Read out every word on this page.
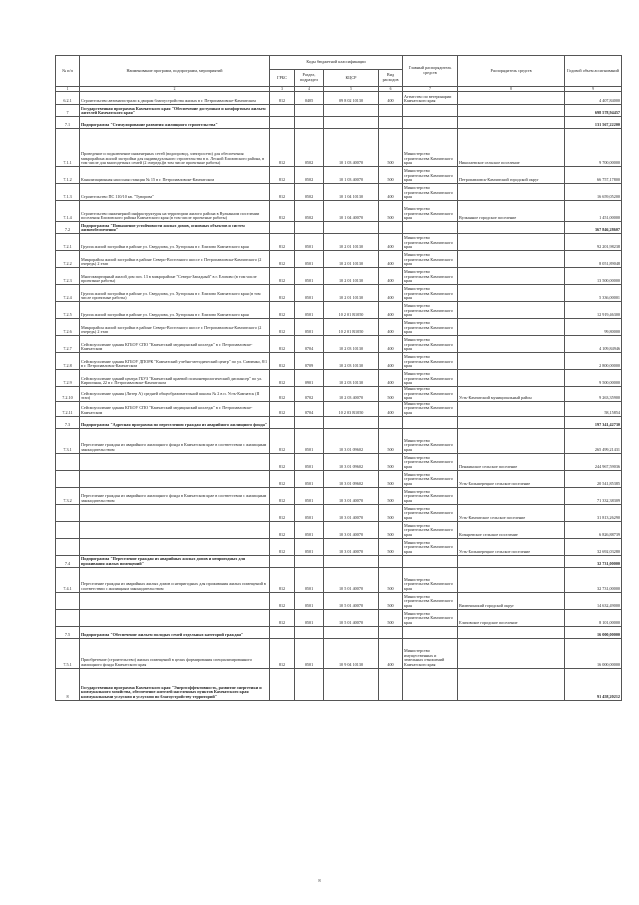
№ п/п	Наименование программ, подпрограмм, мероприятий	Коды бюджетной классификации				Главный распорядитель средств	Распорядитель средств	Годовой объем ассигнований
		ГРБС	Раздел, подраздел	КЦСР	Вид расходов			
1	2	3	4	5	6	7	8	9
6.2.1	Строительство автомагистрали к дворам благоустройства жилых в г. Петропавловске-Камчатском	812	0405	09 8 02 10130	400	Агентство по ветеринарии Камчатского края		4 407,84000
7	Государственная программа Камчатского края "Обеспечение доступным и комфортным жильем жителей Камчатского края"							698 578,94457
7.1	Подпрограмма "Стимулирование развития жилищного строительства"							131 567,22200
7.1.1	Проведение и подключение инженерных сетей (водопровод, электросети) для обеспечения микрорайона жилой застройки для индивидуального строительства в п. Лесной Елизовского района, в том числе для многодетных семей (2 очередь)(в том числе проектные работы)	812	0502	10 1 03 40070	500	Министерство строительства Камчатского края	Николаевское сельское поселение	9 700,00000
7.1.2	Канализационная насосная станция № 15 в г. Петропавловске-Камчатском	812	0502	10 1 03 40070	500	Министерство строительства Камчатского края	Петропавловск-Камчатский городской округ	66 757,17800
7.1.3	Строительство ПС 110/10 кв. "Туворова"	812	0502	10 1 04 10130	400	Министерство строительства Камчатского края		16 659,05200
7.1.4	Строительство инженерной инфраструктуры на территории жилого района в Вулканном поселении поселения Елизовского района Камчатского края (в том числе проектные работы)	812	0502	10 1 04 40070	500	Министерство строительства Камчатского края	Вулканное городское поселение	1 451,00000
7.2	Подпрограмма "Повышение устойчивости жилых домов, основных объектов и систем жизнеобеспечения"							367 846,28607
7.2.1	Группа жилой застройки в районе ул. Свердлова, ул. Хуторская в г. Елизово Камчатского края	812	0501	10 2 01 10130	400	Министерство строительства Камчатского края		92 201,98238
7.2.2	Микрорайон жилой застройки в районе Северо-Восточного шоссе г. Петропавловска-Камчатского (2 очередь) 2 этап	812	0501	10 2 01 10130	400	Министерство строительства Камчатского края		8 051,89048
7.2.3	Многоквартирный жилой дом поз. 13 в микрорайоне "Северо-Западный" в г. Елизово (в том числе проектные работы)	812	0501	10 2 01 10130	400	Министерство строительства Камчатского края		13 500,00000
7.2.4	Группа жилой застройки в районе ул. Свердлова, ул. Хуторская в г. Елизово Камчатского края (в том числе проектные работы)	812	0501	10 2 01 10130	400	Министерство строительства Камчатского края		5 336,00001
7.2.5	Группа жилой застройки в районе ул. Свердлова, ул. Хуторская в г. Елизово Камчатского края	812	0501	10 2 01 R1050	400	Министерство строительства Камчатского края		12 919,46300
7.2.6	Микрорайон жилой застройки в районе Северо-Восточного шоссе г. Петропавловска-Камчатского (2 очередь) 2 этап	812	0501	10 2 01 R1050	400	Министерство строительства Камчатского края		99,80000
7.2.7	Сейсмоусиление здания КГБОУ СПО "Камчатский медицинский колледж" в г. Петропавловске-Камчатском	812	0704	10 2 03 10130	400	Министерство строительства Камчатского края		4 109,84946
7.2.8	Сейсмоусиление здания КГБОУ ДПОРК "Камчатский учебно-методический центр" по ул. Савченко, 8/1 в г. Петропавловск-Камчатском	812	0709	10 2 03 10130	400	Министерство строительства Камчатского края		2 800,00000
7.2.9	Сейсмоусиление зданий центра ГБУЗ "Камчатский краевой психоневрологический диспансер" по ул. Кирпичная, 22 в г. Петропавловске-Камчатском	812	0901	10 2 03 10130	400	Министерство строительства Камчатского края		9 500,00000
7.2.10	Сейсмоусиление здания (Литер А) средней общеобразовательной школы № 2 в п. Усть-Камчатск (II этап)	812	0702	10 2 03 40070	500	Министерство строительства Камчатского края	Усть-Камчатский муниципальный район	9 263,35900
7.2.11	Сейсмоусиление здания КГБОУ СПО "Камчатский медицинский колледж" в г. Петропавловске-Камчатском	812	0704	10 2 03 R1050	400	Министерство строительства Камчатского края		58,15854
7.3	Подпрограмма "Адресная программа по переселению граждан из аварийного жилищного фонда"							197 341,42730
7.3.1	Переселение граждан из аварийного жилищного фонда в Камчатском крае в соответствии с жилищным законодательством	812	0501	10 3 01 09602	500	Министерство строительства Камчатского края		265 499,21431
		812	0501	10 3 01 09602	500	Министерство строительства Камчатского края	Пенжинское сельское поселение	244 967,59036
		812	0501	10 3 01 09602	500	Министерство строительства Камчатского края	Усть-Большерецкое сельское поселение	20 541,85385
7.3.2	Переселение граждан из аварийного жилищного фонда в Камчатском крае в соответствии с жилищным законодательством	812	0501	10 3 01 40070	500	Министерство строительства Камчатского края		71 332,38309
		812	0501	10 3 01 40070	500	Министерство строительства Камчатского края	Усть-Камчатское сельское поселение	31 813,26290
		812	0501	10 3 01 40070	500	Министерство строительства Камчатского края	Козыревское сельское поселение	6 826,88739
		812	0501	10 3 01 40070	500	Министерство строительства Камчатского края	Усть-Большерецкое сельское поселение	32 692,03280
7.4	Подпрограмма "Переселение граждан из аварийных жилых домов и непригодных для проживания жилых помещений"							32 731,00000
7.4.1	Переселение граждан из аварийных жилых домов и непригодных для проживания жилых помещений в соответствии с жилищным законодательством	812	0501	10 5 01 40070	500	Министерство строительства Камчатского края		32 731,00000
		812	0501	10 5 01 40070	500	Министерство строительства Камчатского края	Вилючинский городской округ	14 632,49000
		812	0501	10 5 01 40070	500	Министерство строительства Камчатского края	Елизовское городское поселение	8 101,00000
7.5	Подпрограмма "Обеспечение жильем молодых семей отдельных категорий граждан"							16 000,00000
7.5.1	Приобретение (строительство) жилых помещений в целях формирования специализированного жилищного фонда Камчатского края	812	0501	10 9 04 10130	400	Министерство имущественных и земельных отношений Камчатского края		16 000,00000
8	Государственная программа Камчатского края "Энергоэффективность, развитие энергетики и коммунального хозяйства, обеспечение жителей населенных пунктов Камчатского края коммунальными услугами и услугами по благоустройству территорий"							91 458,20212
8
